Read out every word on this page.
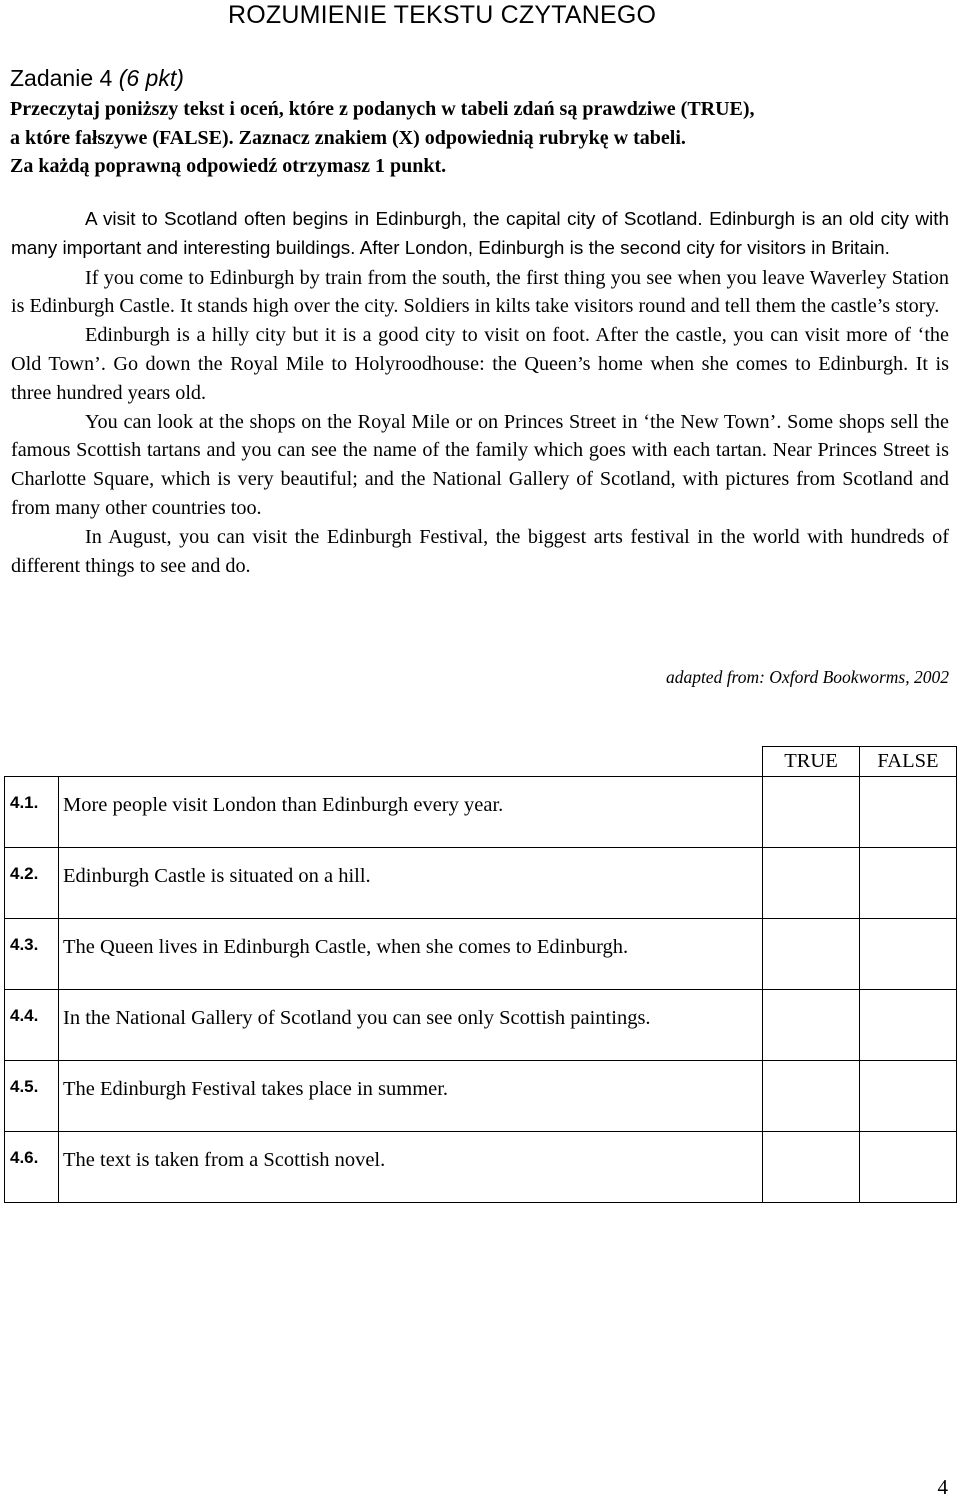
ROZUMIENIE TEKSTU CZYTANEGO
Zadanie 4 (6 pkt)
Przeczytaj poniższy tekst i oceń, które z podanych w tabeli zdań są prawdziwe (TRUE),
a które fałszywe (FALSE). Zaznacz znakiem (X) odpowiednią rubrykę w tabeli.
Za każdą poprawną odpowiedź otrzymasz 1 punkt.

A visit to Scotland often begins in Edinburgh, the capital city of Scotland. Edinburgh is an old city with many important and interesting buildings. After London, Edinburgh is the second city for visitors in Britain.

If you come to Edinburgh by train from the south, the first thing you see when you leave Waverley Station is Edinburgh Castle. It stands high over the city. Soldiers in kilts take visitors round and tell them the castle’s story.

Edinburgh is a hilly city but it is a good city to visit on foot. After the castle, you can visit more of ‘the Old Town’. Go down the Royal Mile to Holyroodhouse: the Queen’s home when she comes to Edinburgh. It is three hundred years old.

You can look at the shops on the Royal Mile or on Princes Street in ‘the New Town’. Some shops sell the famous Scottish tartans and you can see the name of the family which goes with each tartan. Near Princes Street is Charlotte Square, which is very beautiful; and the National Gallery of Scotland, with pictures from Scotland and from many other countries too.

In August, you can visit the Edinburgh Festival, the biggest arts festival in the world with hundreds of different things to see and do.

adapted from: Oxford Bookworms, 2002
		TRUE	FALSE
4.1.	More people visit London than Edinburgh every year.		
4.2.	Edinburgh Castle is situated on a hill.		
4.3.	The Queen lives in Edinburgh Castle, when she comes to Edinburgh.		
4.4.	In the National Gallery of Scotland you can see only Scottish paintings.		
4.5.	The Edinburgh Festival takes place in summer.		
4.6.	The text is taken from a Scottish novel.		
4
